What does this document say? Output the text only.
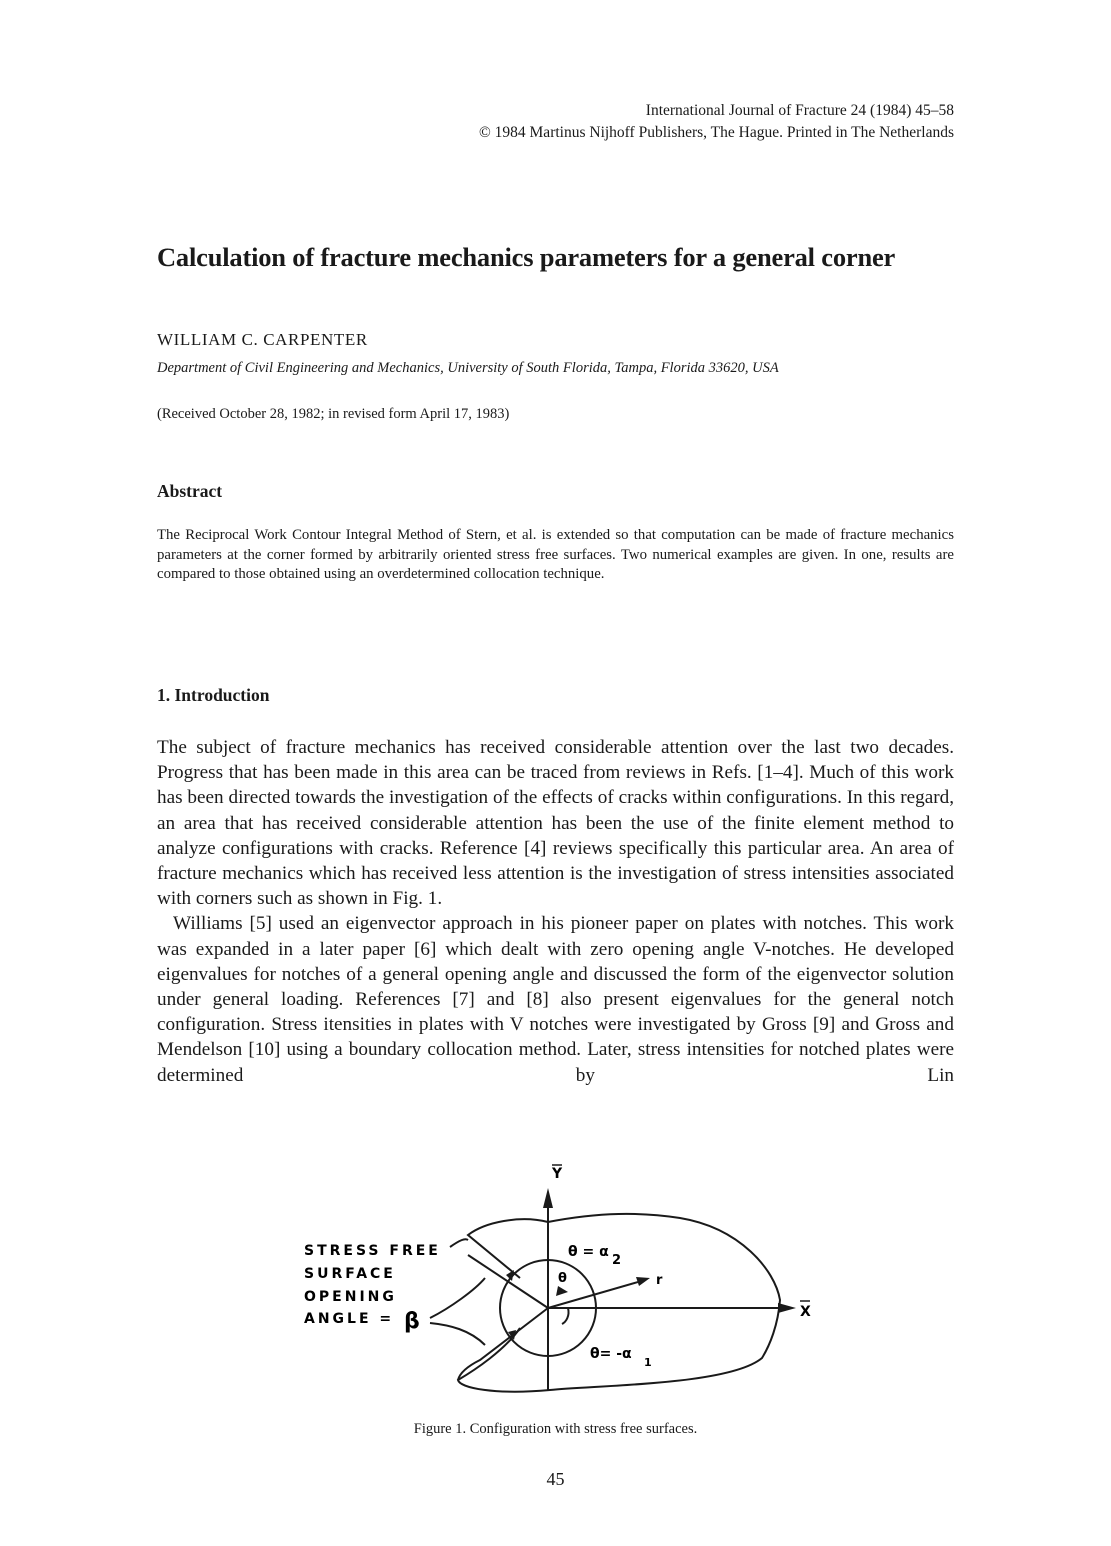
International Journal of Fracture 24 (1984) 45–58
© 1984 Martinus Nijhoff Publishers, The Hague. Printed in The Netherlands
Calculation of fracture mechanics parameters for a general corner
WILLIAM C. CARPENTER
Department of Civil Engineering and Mechanics, University of South Florida, Tampa, Florida 33620, USA
(Received October 28, 1982; in revised form April 17, 1983)
Abstract
The Reciprocal Work Contour Integral Method of Stern, et al. is extended so that computation can be made of fracture mechanics parameters at the corner formed by arbitrarily oriented stress free surfaces. Two numerical examples are given. In one, results are compared to those obtained using an overdetermined collocation technique.
1. Introduction

The subject of fracture mechanics has received considerable attention over the last two decades. Progress that has been made in this area can be traced from reviews in Refs. [1–4]. Much of this work has been directed towards the investigation of the effects of cracks within configurations. In this regard, an area that has received considerable attention has been the use of the finite element method to analyze configurations with cracks. Reference [4] reviews specifically this particular area. An area of fracture mechanics which has received less attention is the investigation of stress intensities associated with corners such as shown in Fig. 1.

Williams [5] used an eigenvector approach in his pioneer paper on plates with notches. This work was expanded in a later paper [6] which dealt with zero opening angle V-notches. He developed eigenvalues for notches of a general opening angle and discussed the form of the eigenvector solution under general loading. References [7] and [8] also present eigenvalues for the general notch configuration. Stress itensities in plates with V notches were investigated by Gross [9] and Gross and Mendelson [10] using a boundary collocation method. Later, stress intensities for notched plates were determined by Lin

STRESS FREE
SURFACE
OPENING
ANGLE = β
Y
X
θ	r
θ = α
2
θ= -α
1
Figure 1. Configuration with stress free surfaces.
45
